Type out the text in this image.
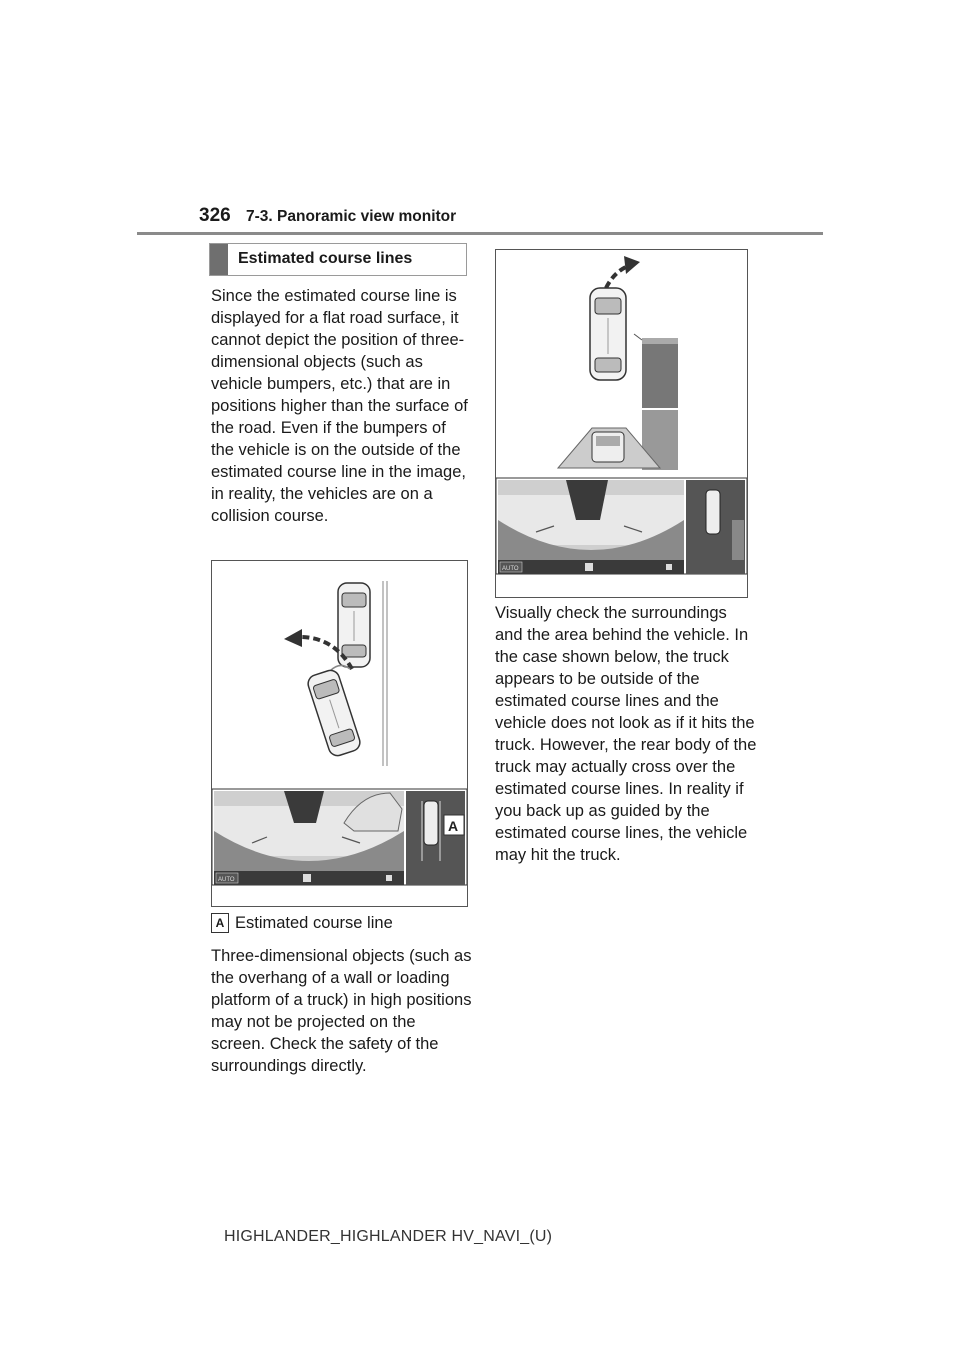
326 7-3. Panoramic view monitor
Estimated course lines
Since the estimated course line is displayed for a flat road surface, it cannot depict the position of three-dimensional objects (such as vehicle bumpers, etc.) that are in positions higher than the surface of the road. Even if the bumpers of the vehicle is on the outside of the estimated course line in the image, in reality, the vehicles are on a collision course.
AUTO
A
A Estimated course line
Three-dimensional objects (such as the overhang of a wall or loading platform of a truck) in high positions may not be projected on the screen. Check the safety of the surroundings directly.
AUTO
Visually check the surroundings and the area behind the vehicle. In the case shown below, the truck appears to be outside of the estimated course lines and the vehicle does not look as if it hits the truck. However, the rear body of the truck may actually cross over the estimated course lines. In reality if you back up as guided by the estimated course lines, the vehicle may hit the truck.
HIGHLANDER_HIGHLANDER HV_NAVI_(U)
